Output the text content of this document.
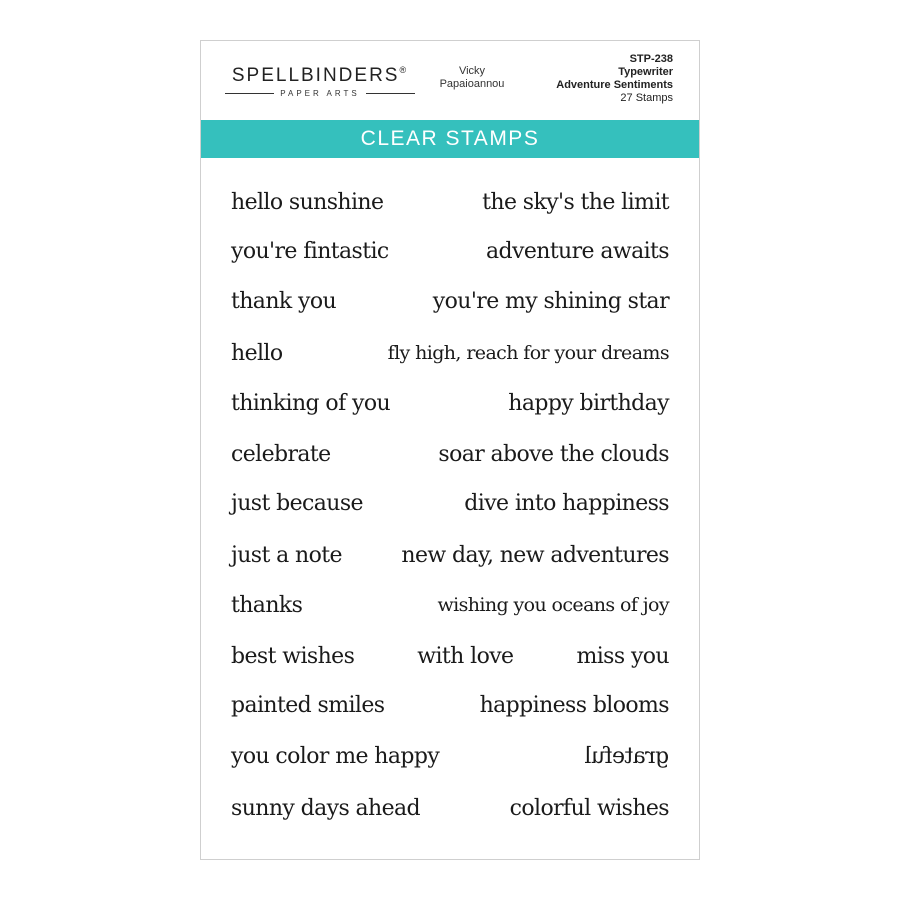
SPELLBINDERS®
PAPER ARTS
Vicky
Papaioannou
STP-238
Typewriter
Adventure Sentiments
27 Stamps
CLEAR STAMPS
hello sunshine	the sky's the limit
you're fintastic	adventure awaits
thank you	you're my shining star
hello	fly high, reach for your dreams
thinking of you	happy birthday
celebrate	soar above the clouds
just because	dive into happiness
just a note	new day, new adventures
thanks	wishing you oceans of joy
best wishes	with love	miss you
painted smiles	happiness blooms
you color me happy	grateful
sunny days ahead	colorful wishes
